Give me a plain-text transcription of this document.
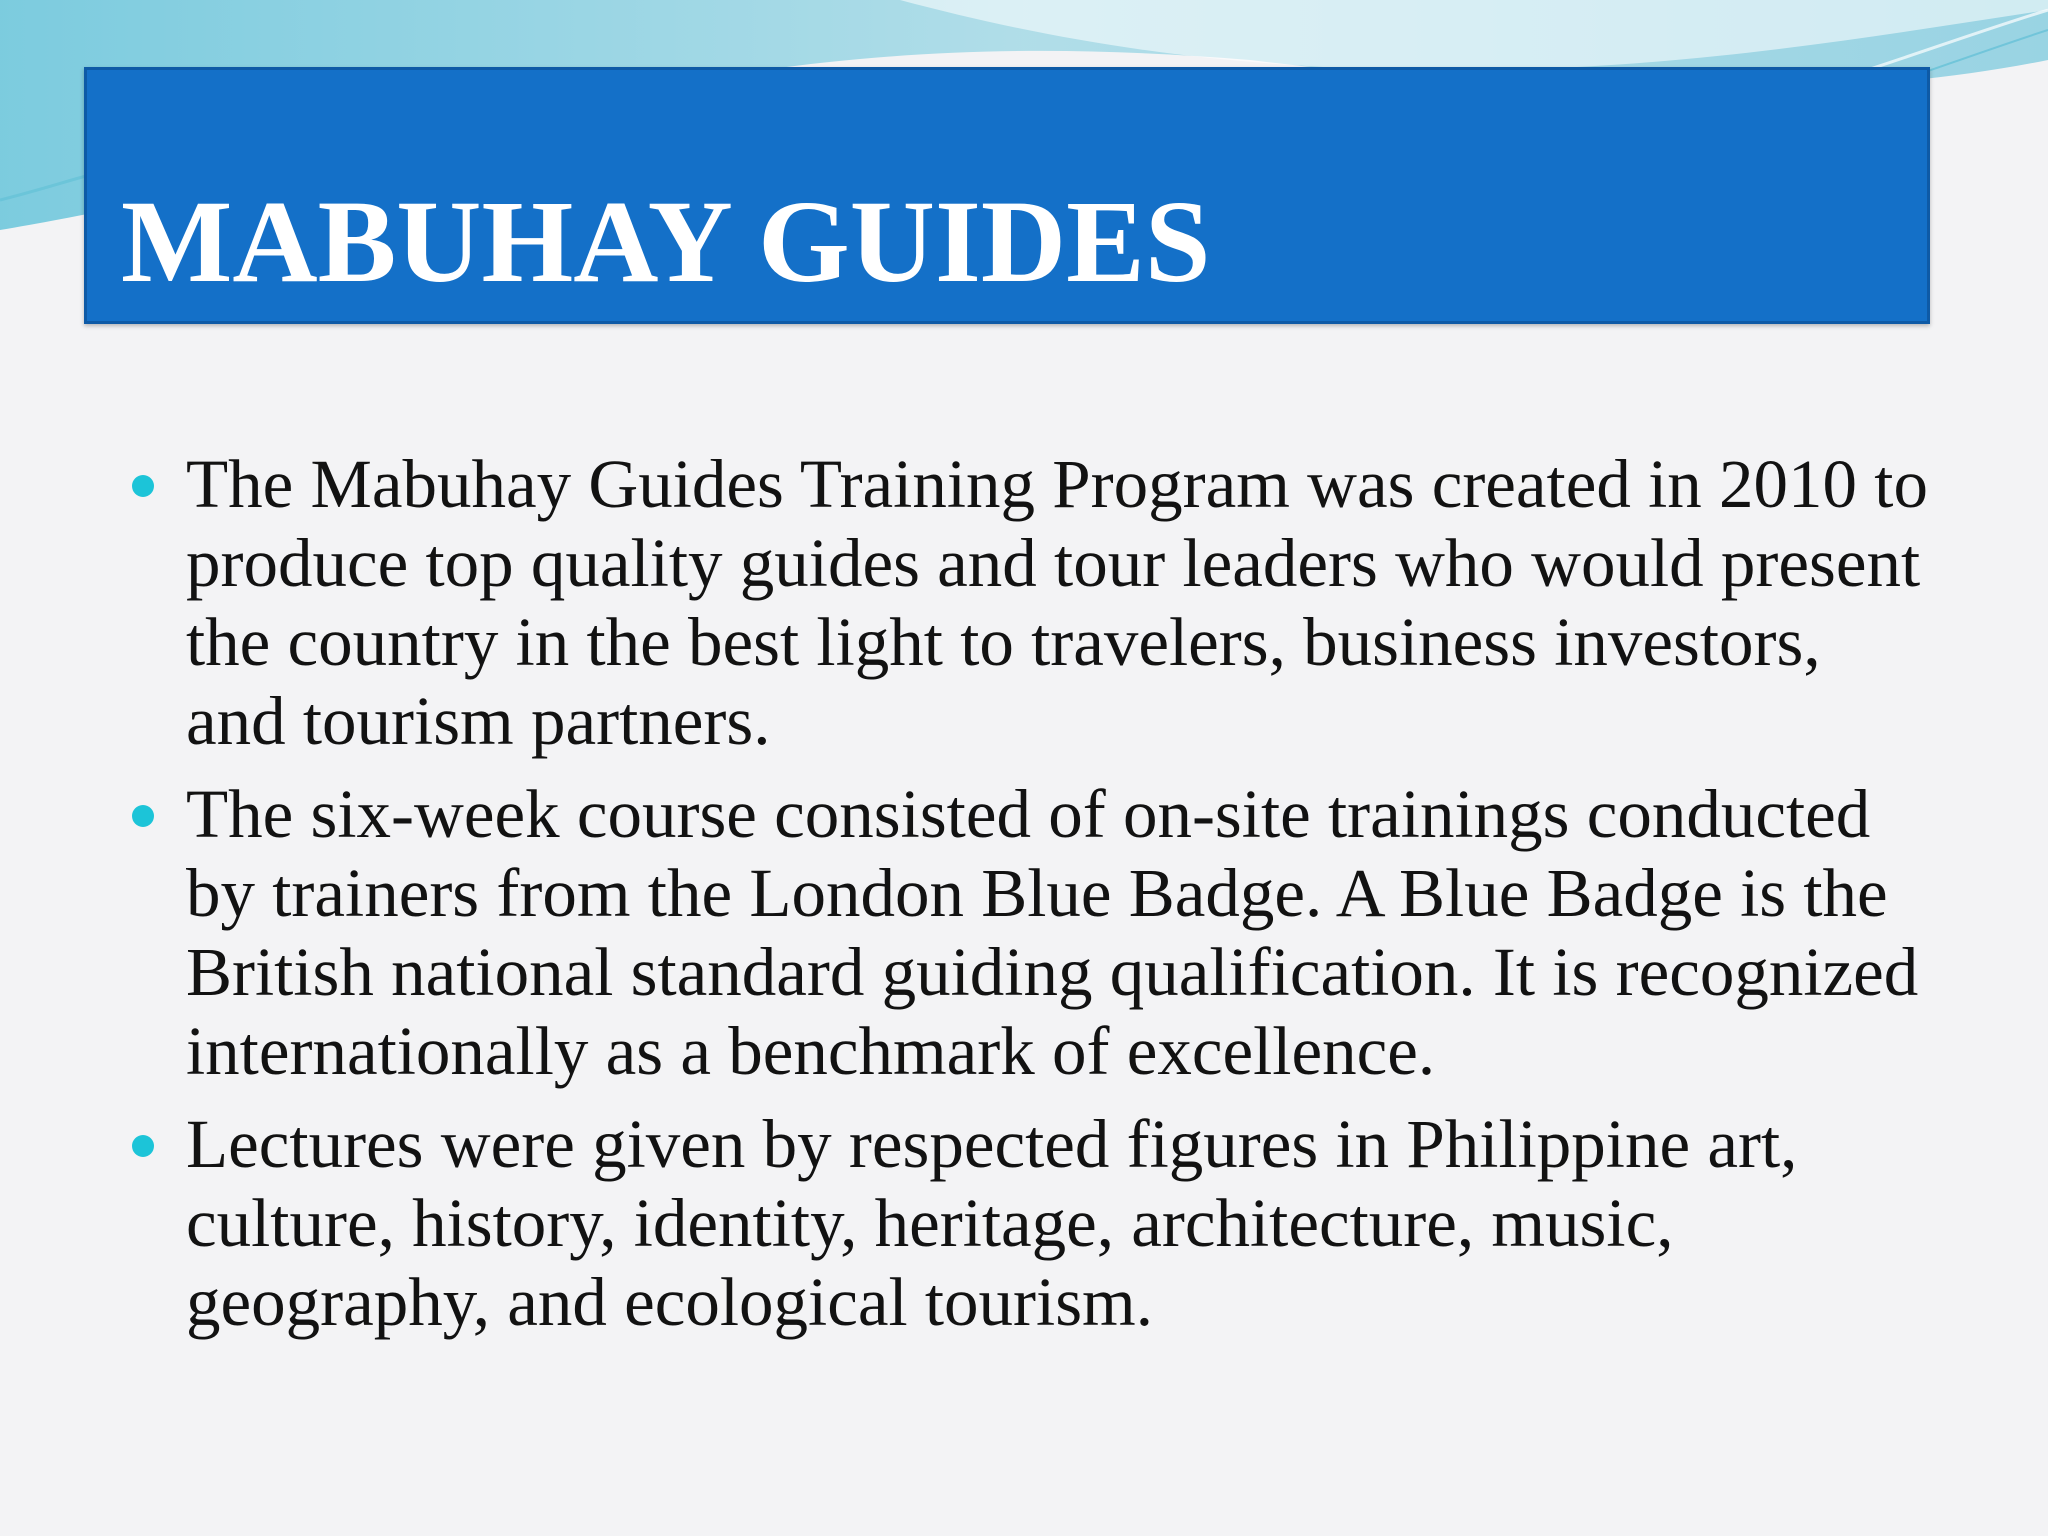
MABUHAY GUIDES
The Mabuhay Guides Training Program was created in 2010 to produce top quality guides and tour leaders who would present the country in the best light to travelers, business investors, and tourism partners.
The six-week course consisted of on-site trainings conducted by trainers from the London Blue Badge. A Blue Badge is the British national standard guiding qualification. It is recognized internationally as a benchmark of excellence.
Lectures were given by respected figures in Philippine art, culture, history, identity, heritage, architecture, music, geography, and ecological tourism.
